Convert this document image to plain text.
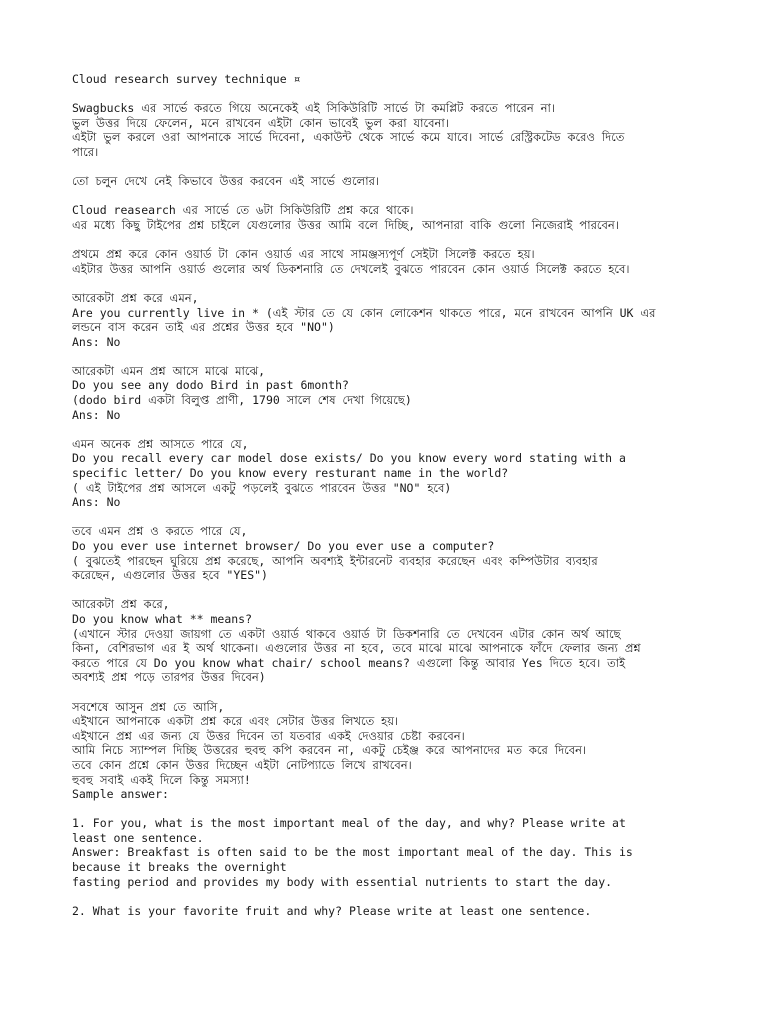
Cloud research survey technique ¤
Swagbucks এর সার্ভে করতে গিয়ে অনেকেই এই সিকিউরিটি সার্ভে টা কমপ্লিট করতে পারেন না।
ভুল উত্তর দিয়ে ফেলেন, মনে রাখবেন এইটা কোন ভাবেই ভুল করা যাবেনা।
এইটা ভুল করলে ওরা আপনাকে সার্ভে দিবেনা, একাউন্ট থেকে সার্ভে কমে যাবে। সার্ভে রেস্ট্রিকটেড করেও দিতে
পারে।
তো চলুন দেখে নেই কিভাবে উত্তর করবেন এই সার্ভে গুলোর।
Cloud reasearch এর সার্ভে তে ৬টা সিকিউরিটি প্রশ্ন করে থাকে।
এর মধ্যে কিছু টাইপের প্রশ্ন চাইলে যেগুলোর উত্তর আমি বলে দিচ্ছি, আপনারা বাকি গুলো নিজেরাই পারবেন।
প্রথমে প্রশ্ন করে কোন ওয়ার্ড টা কোন ওয়ার্ড এর সাথে সামঞ্জস্যপূর্ণ সেইটা সিলেক্ট করতে হয়।
এইটার উত্তর আপনি ওয়ার্ড গুলোর অর্থ ডিকশনারি তে দেখলেই বুঝতে পারবেন কোন ওয়ার্ড সিলেক্ট করতে হবে।
আরেকটা প্রশ্ন করে এমন,
Are you currently live in * (এই স্টার তে যে কোন লোকেশন থাকতে পারে, মনে রাখবেন আপনি UK এর
লন্ডনে বাস করেন তাই এর প্রশ্নের উত্তর হবে "NO")
Ans: No
আরেকটা এমন প্রশ্ন আসে মাঝে মাঝে,
Do you see any dodo Bird in past 6month?
(dodo bird একটা বিলুপ্ত প্রাণী, 1790 সালে শেষ দেখা গিয়েছে)
Ans: No
এমন অনেক প্রশ্ন আসতে পারে যে,
Do you recall every car model dose exists/ Do you know every word stating with a
specific letter/ Do you know every resturant name in the world?
( এই টাইপের প্রশ্ন আসলে একটু পড়লেই বুঝতে পারবেন উত্তর "NO" হবে)
Ans: No
তবে এমন প্রশ্ন ও করতে পারে যে,
Do you ever use internet browser/ Do you ever use a computer?
( বুঝতেই পারছেন ঘুরিয়ে প্রশ্ন করেছে, আপনি অবশ্যই ইন্টারনেট ব্যবহার করেছেন এবং কম্পিউটার ব্যবহার
করেছেন, এগুলোর উত্তর হবে "YES")
আরেকটা প্রশ্ন করে,
Do you know what ** means?
(এখানে স্টার দেওয়া জায়গা তে একটা ওয়ার্ড থাকবে ওয়ার্ড টা ডিকশনারি তে দেখবেন এটার কোন অর্থ আছে
কিনা, বেশিরভাগ এর ই অর্থ থাকেনা। এগুলোর উত্তর না হবে, তবে মাঝে মাঝে আপনাকে ফাঁদে ফেলার জন্য প্রশ্ন
করতে পারে যে Do you know what chair/ school means? এগুলো কিন্তু আবার Yes দিতে হবে। তাই
অবশ্যই প্রশ্ন পড়ে তারপর উত্তর দিবেন)
সবশেষে আসুন প্রশ্ন তে আসি,
এইখানে আপনাকে একটা প্রশ্ন করে এবং সেটার উত্তর লিখতে হয়।
এইখানে প্রশ্ন এর জন্য যে উত্তর দিবেন তা যতবার একই দেওয়ার চেষ্টা করবেন।
আমি নিচে স্যাম্পল দিচ্ছি উত্তরের হুবহু কপি করবেন না, একটু চেইঞ্জ করে আপনাদের মত করে দিবেন।
তবে কোন প্রশ্নে কোন উত্তর দিচ্ছেন এইটা নোটপ্যাডে লিখে রাখবেন।
হুবহু সবাই একই দিলে কিন্তু সমস্যা!
Sample answer:
1. For you, what is the most important meal of the day, and why? Please write at
least one sentence.
Answer: Breakfast is often said to be the most important meal of the day. This is
because it breaks the overnight
fasting period and provides my body with essential nutrients to start the day.
2. What is your favorite fruit and why? Please write at least one sentence.
